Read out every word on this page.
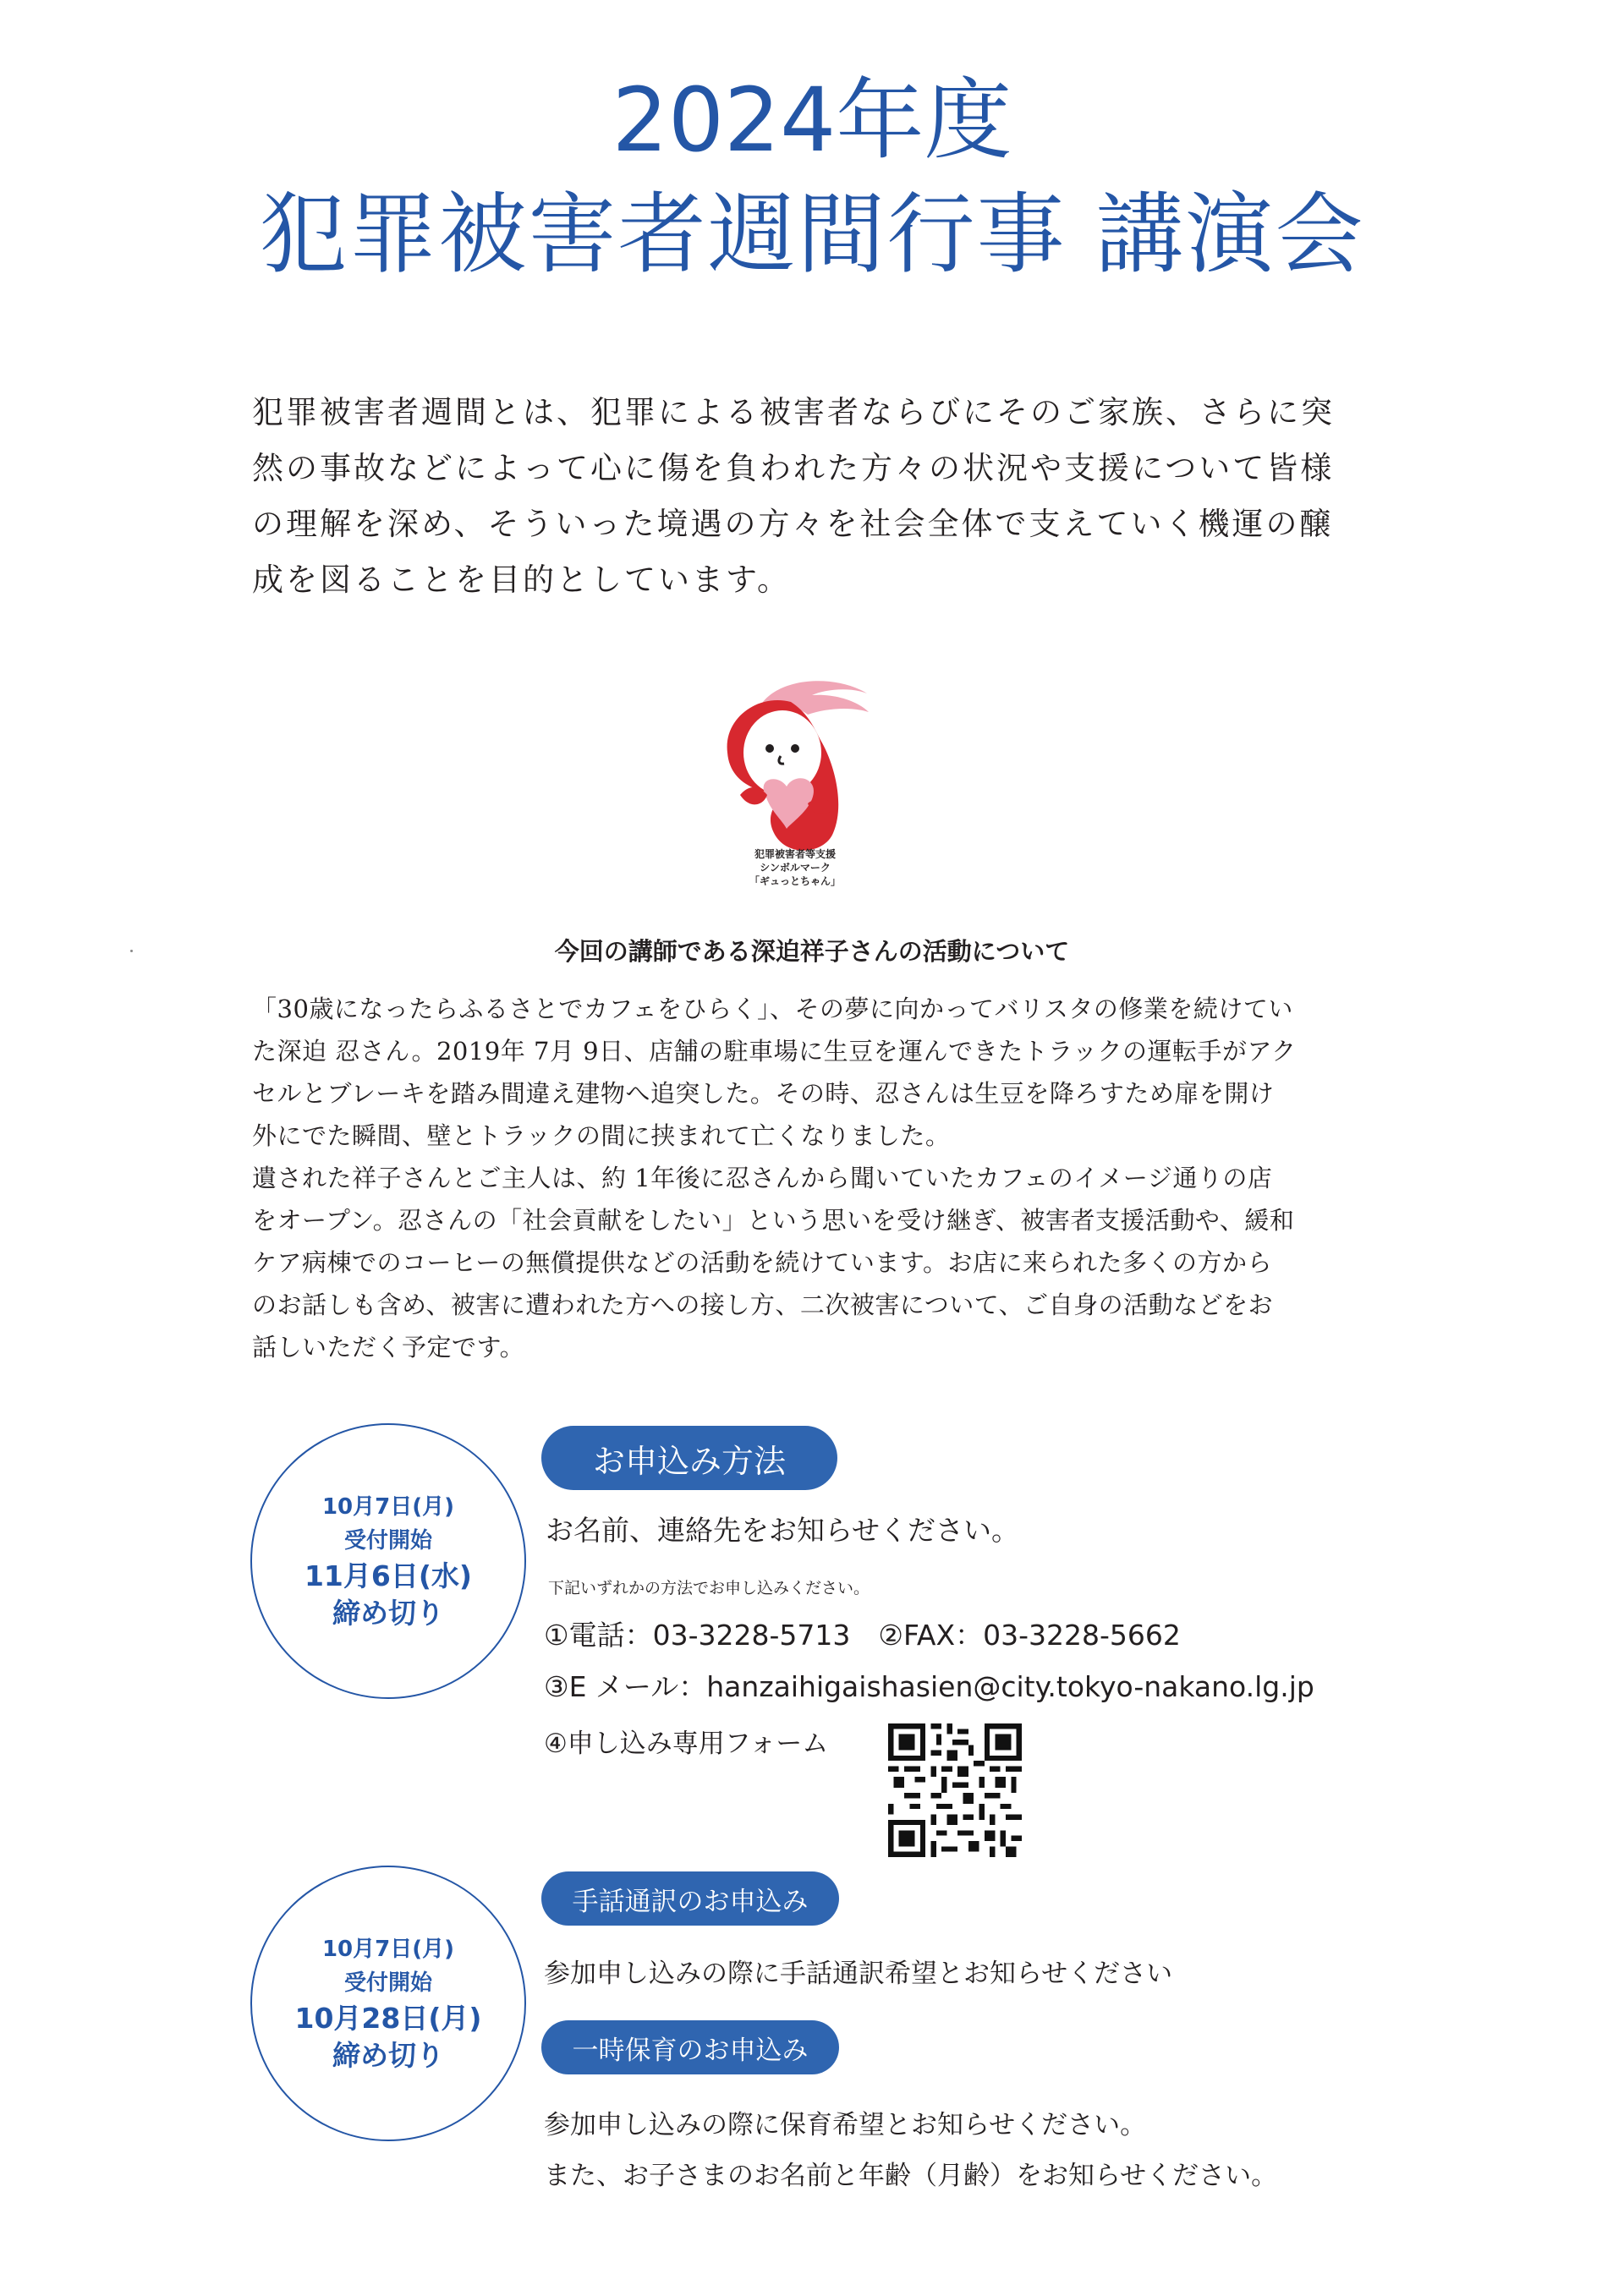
2024年度
犯罪被害者週間行事 講演会

犯罪被害者週間とは、犯罪による被害者ならびにそのご家族、さらに突
然の事故などによって心に傷を負われた方々の状況や支援について皆様
の理解を深め、そういった境遇の方々を社会全体で支えていく機運の醸
成を図ることを目的としています。

犯罪被害者等支援
シンボルマーク
「ギュっとちゃん」
今回の講師である深迫祥子さんの活動について

「30歳になったらふるさとでカフェをひらく」、その夢に向かってバリスタの修業を続けてい
た深迫 忍さん。2019年 7月 9日、店舗の駐車場に生豆を運んできたトラックの運転手がアク
セルとブレーキを踏み間違え建物へ追突した。その時、忍さんは生豆を降ろすため扉を開け
外にでた瞬間、壁とトラックの間に挟まれて亡くなりました。
遺された祥子さんとご主人は、約 1年後に忍さんから聞いていたカフェのイメージ通りの店
をオープン。忍さんの「社会貢献をしたい」という思いを受け継ぎ、被害者支援活動や、緩和
ケア病棟でのコーヒーの無償提供などの活動を続けています。お店に来られた多くの方から
のお話しも含め、被害に遭われた方への接し方、二次被害について、ご自身の活動などをお
話しいただく予定です。

10月7日(月)
受付開始
11月6日(水)
締め切り
お申込み方法

お名前、連絡先をお知らせください。

下記いずれかの方法でお申し込みください。

①電話：03-3228-5713　②FAX：03-3228-5662

③E メール：hanzaihigaishasien@city.tokyo-nakano.lg.jp

④申し込み専用フォーム

10月7日(月)
受付開始
10月28日(月)
締め切り
手話通訳のお申込み

参加申し込みの際に手話通訳希望とお知らせください

一時保育のお申込み

参加申し込みの際に保育希望とお知らせください。

また、お子さまのお名前と年齢（月齢）をお知らせください。
